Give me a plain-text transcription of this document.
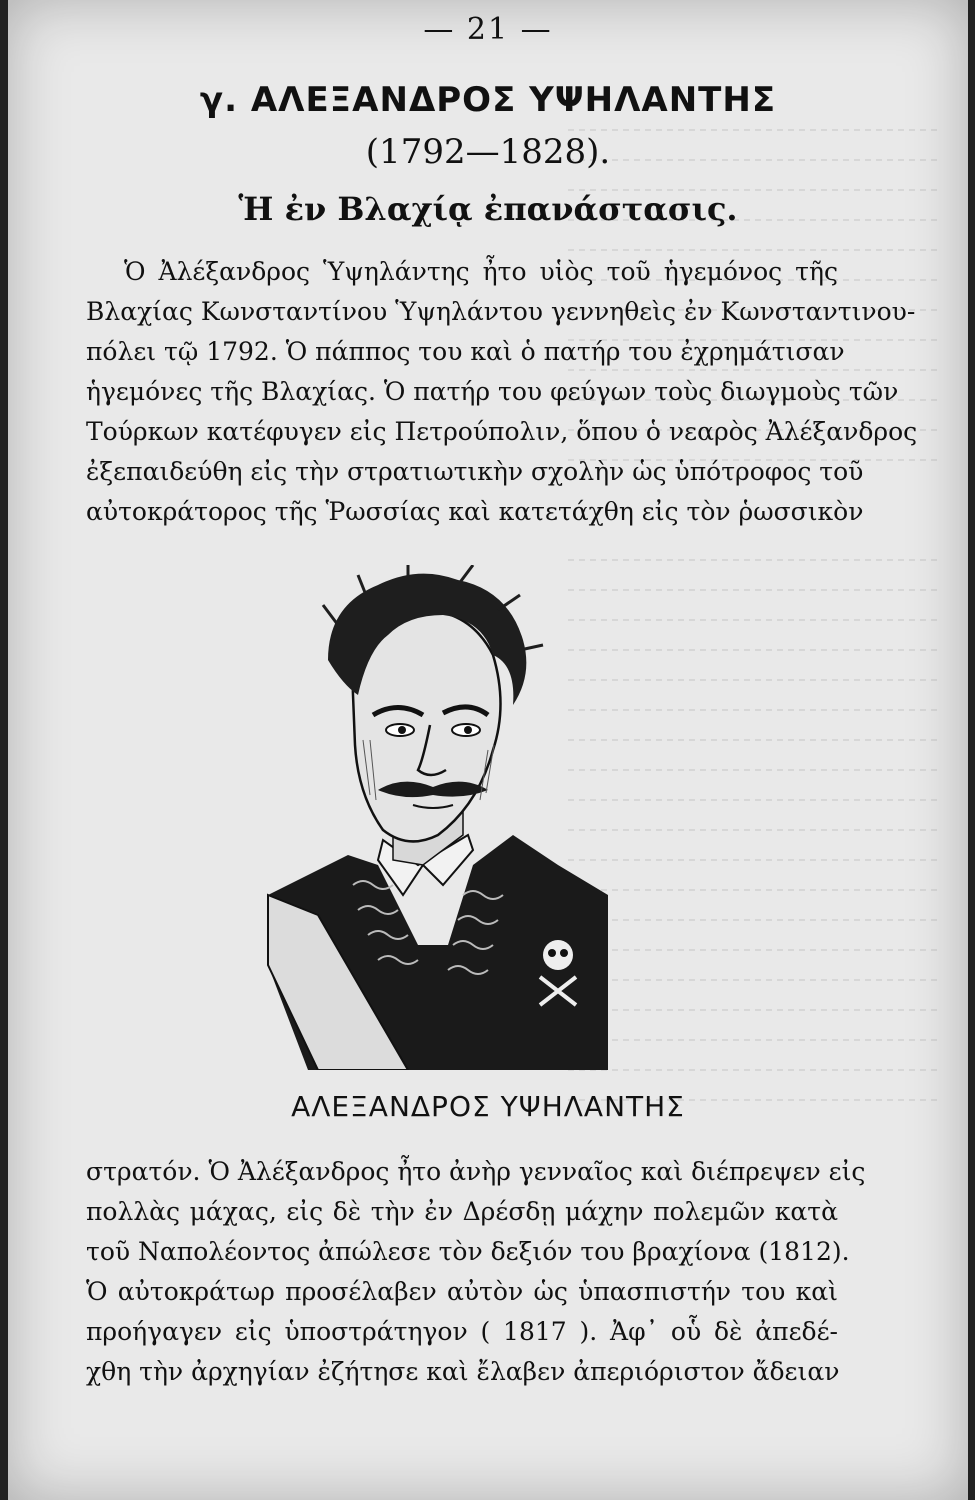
— 21 —
γ. ΑΛΕΞΑΝΔΡΟΣ ΥΨΗΛΑΝΤΗΣ
(1792—1828).
Ἡ ἐν Βλαχίᾳ ἐπανάστασις.
Ὁ Ἀλέξανδρος Ὑψηλάντης ἦτο υἱὸς τοῦ ἡγεμόνος τῆς
Βλαχίας Κωνσταντίνου Ὑψηλάντου γεννηθεὶς ἐν Κωνσταντινου-
πόλει τῷ 1792. Ὁ πάππος του καὶ ὁ πατήρ του ἐχρημάτισαν
ἡγεμόνες τῆς Βλαχίας. Ὁ πατήρ του φεύγων τοὺς διωγμοὺς τῶν
Τούρκων κατέφυγεν εἰς Πετρούπολιν, ὅπου ὁ νεαρὸς Ἀλέξανδρος
ἐξεπαιδεύθη εἰς τὴν στρατιωτικὴν σχολὴν ὡς ὑπότροφος τοῦ
αὐτοκράτορος τῆς Ῥωσσίας καὶ κατετάχθη εἰς τὸν ῥωσσικὸν
ΑΛΕΞΑΝΔΡΟΣ ΥΨΗΛΑΝΤΗΣ
στρατόν. Ὁ Ἀλέξανδρος ἦτο ἀνὴρ γενναῖος καὶ διέπρεψεν εἰς
πολλὰς μάχας, εἰς δὲ τὴν ἐν Δρέσδῃ μάχην πολεμῶν κατὰ
τοῦ Ναπολέοντος ἀπώλεσε τὸν δεξιόν του βραχίονα (1812).
Ὁ αὐτοκράτωρ προσέλαβεν αὐτὸν ὡς ὑπασπιστήν του καὶ
προήγαγεν εἰς ὑποστράτηγον ( 1817 ). Ἀφ᾽ οὗ δὲ ἀπεδέ-
χθη τὴν ἀρχηγίαν ἐζήτησε καὶ ἔλαβεν ἀπεριόριστον ἄδειαν
